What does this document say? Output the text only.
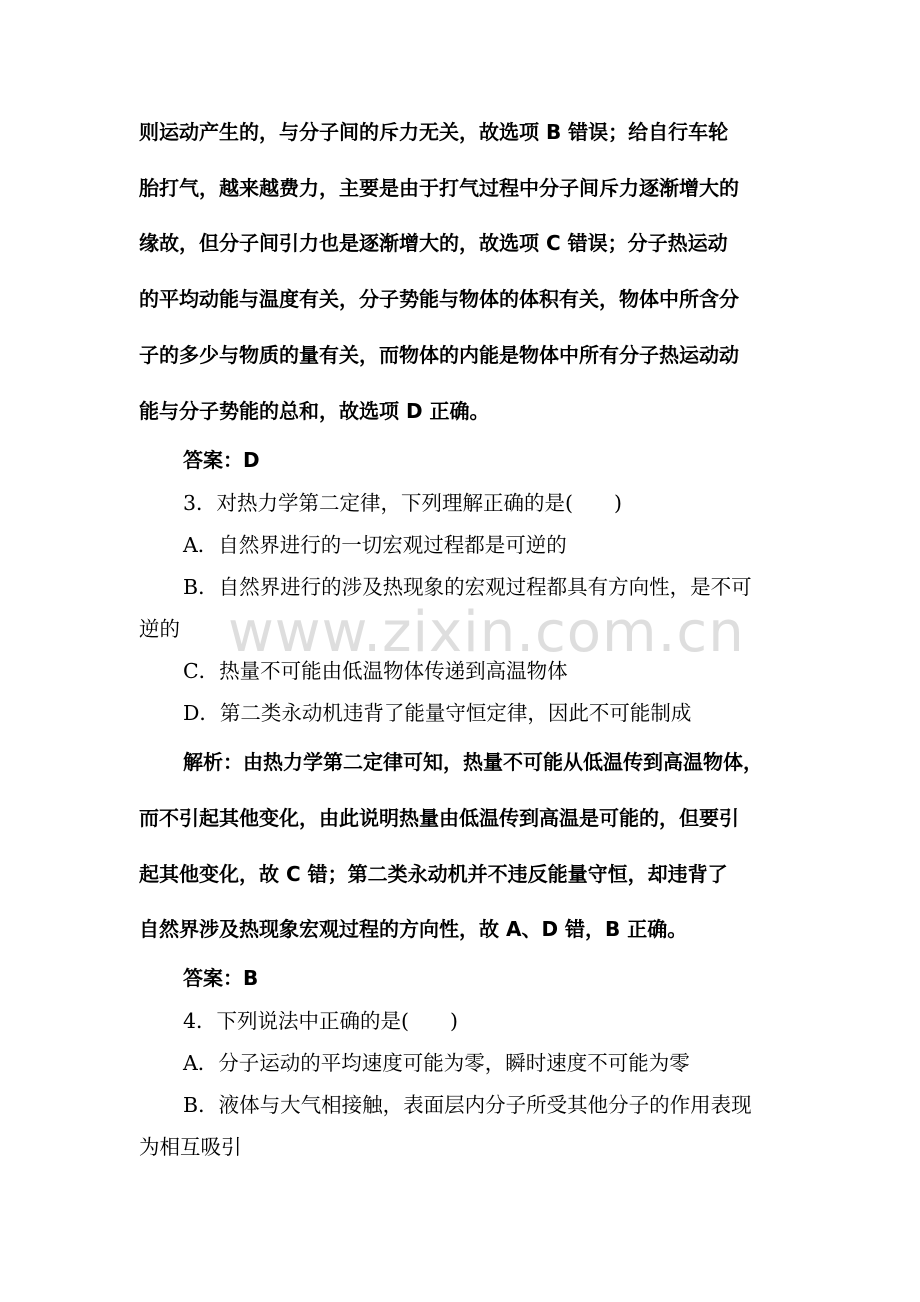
则运动产生的，与分子间的斥力无关，故选项 B 错误；给自行车轮
胎打气，越来越费力，主要是由于打气过程中分子间斥力逐渐增大的
缘故，但分子间引力也是逐渐增大的，故选项 C 错误；分子热运动
的平均动能与温度有关，分子势能与物体的体积有关，物体中所含分
子的多少与物质的量有关，而物体的内能是物体中所有分子热运动动
能与分子势能的总和，故选项 D 正确。
答案：D
3．对热力学第二定律，下列理解正确的是(　　)
A．自然界进行的一切宏观过程都是可逆的
B．自然界进行的涉及热现象的宏观过程都具有方向性，是不可
逆的
C．热量不可能由低温物体传递到高温物体
D．第二类永动机违背了能量守恒定律，因此不可能制成
解析：由热力学第二定律可知，热量不可能从低温传到高温物体，
而不引起其他变化，由此说明热量由低温传到高温是可能的，但要引
起其他变化，故 C 错；第二类永动机并不违反能量守恒，却违背了
自然界涉及热现象宏观过程的方向性，故 A、D 错，B 正确。
答案：B
4．下列说法中正确的是(　　)
A．分子运动的平均速度可能为零，瞬时速度不可能为零
B．液体与大气相接触，表面层内分子所受其他分子的作用表现
为相互吸引
www.zixin.com.cn
